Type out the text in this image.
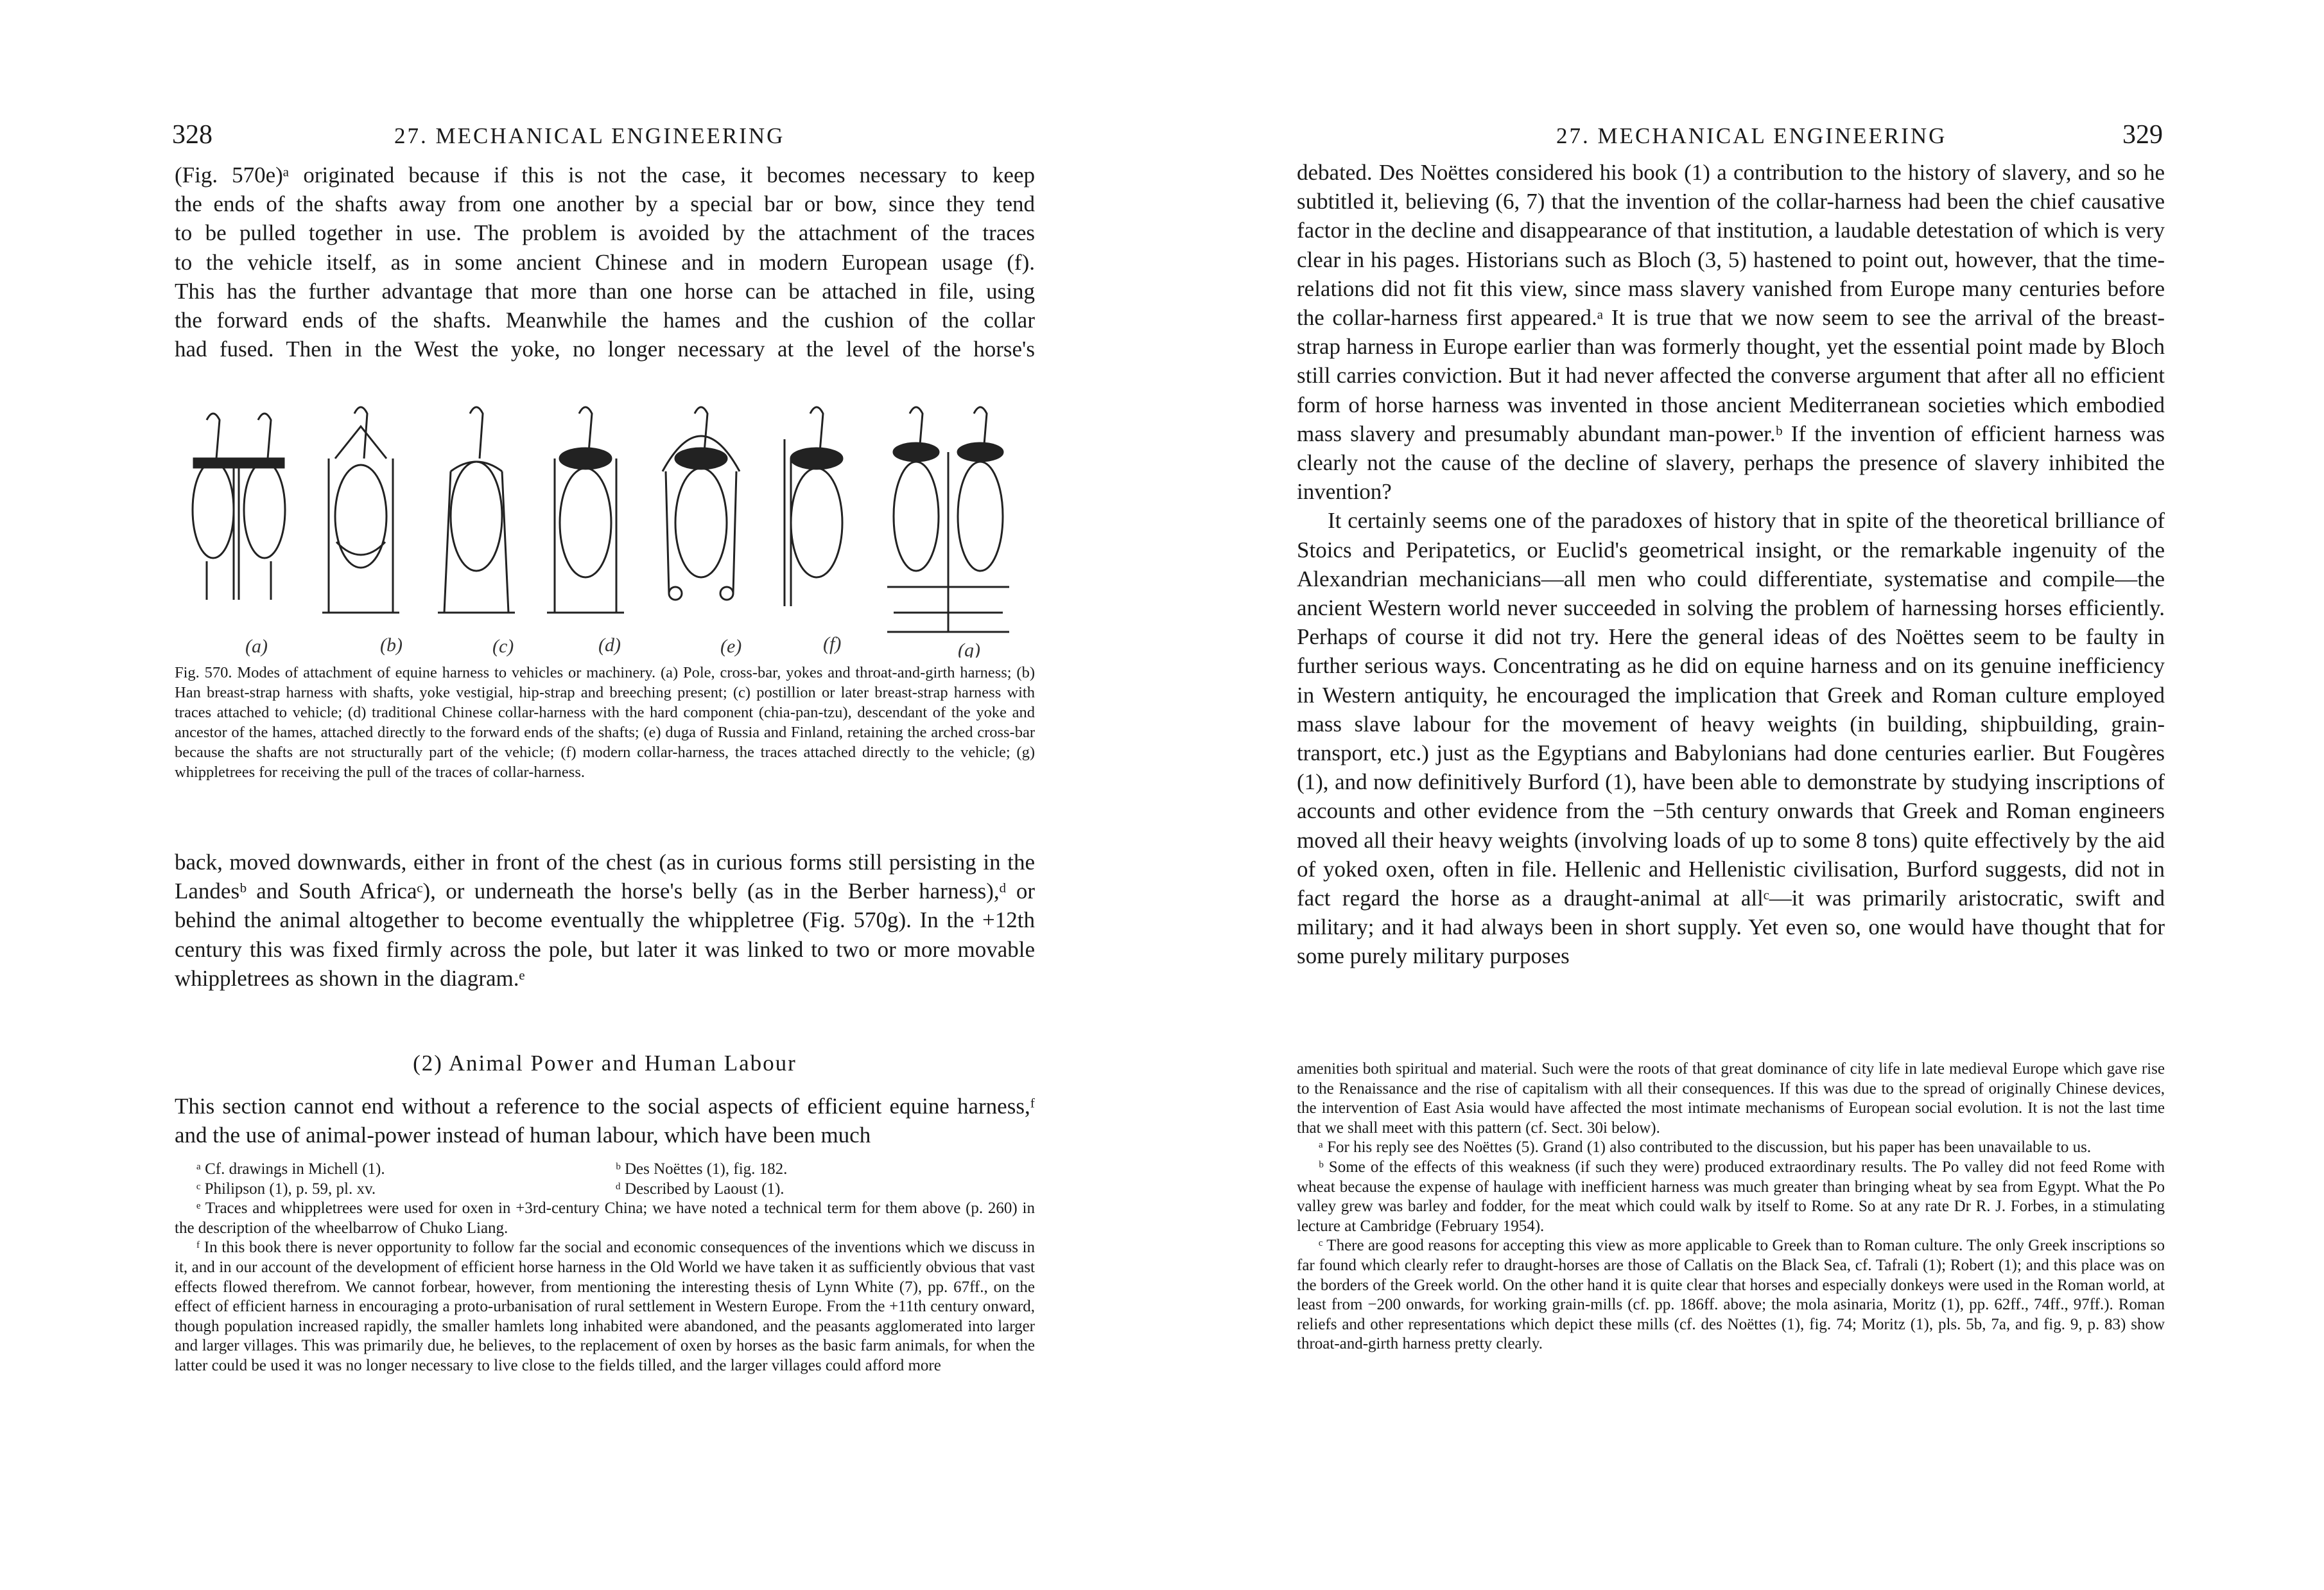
328	27. MECHANICAL ENGINEERING
(Fig. 570e)ᵃ originated because if this is not the case, it becomes necessary to keep
the ends of the shafts away from one another by a special bar or bow, since they tend
to be pulled together in use. The problem is avoided by the attachment of the traces
to the vehicle itself, as in some ancient Chinese and in modern European usage (f).
This has the further advantage that more than one horse can be attached in file, using
the forward ends of the shafts. Meanwhile the hames and the cushion of the collar
had fused. Then in the West the yoke, no longer necessary at the level of the horse's
(a)	(b)	(c)	(d)	(e)	(f)	(g)
Fig. 570. Modes of attachment of equine harness to vehicles or machinery. (a) Pole, cross-bar, yokes and throat-and-girth harness; (b) Han breast-strap harness with shafts, yoke vestigial, hip-strap and breeching present; (c) postillion or later breast-strap harness with traces attached to vehicle; (d) traditional Chinese collar-harness with the hard component (chia-pan-tzu), descendant of the yoke and ancestor of the hames, attached directly to the forward ends of the shafts; (e) duga of Russia and Finland, retaining the arched cross-bar because the shafts are not structurally part of the vehicle; (f) modern collar-harness, the traces attached directly to the vehicle; (g) whippletrees for receiving the pull of the traces of collar-harness.

back, moved downwards, either in front of the chest (as in curious forms still persisting in the Landesᵇ and South Africaᶜ), or underneath the horse's belly (as in the Berber harness),ᵈ or behind the animal altogether to become eventually the whippletree (Fig. 570g). In the +12th century this was fixed firmly across the pole, but later it was linked to two or more movable whippletrees as shown in the diagram.ᵉ

(2) Animal Power and Human Labour

This section cannot end without a reference to the social aspects of efficient equine harness,ᶠ and the use of animal-power instead of human labour, which have been much

ᵃ Cf. drawings in Michell (1).	ᵇ Des Noëttes (1), fig. 182.
ᶜ Philipson (1), p. 59, pl. xv.	ᵈ Described by Laoust (1).

ᵉ Traces and whippletrees were used for oxen in +3rd-century China; we have noted a technical term for them above (p. 260) in the description of the wheelbarrow of Chuko Liang.

ᶠ In this book there is never opportunity to follow far the social and economic consequences of the inventions which we discuss in it, and in our account of the development of efficient horse harness in the Old World we have taken it as sufficiently obvious that vast effects flowed therefrom. We cannot forbear, however, from mentioning the interesting thesis of Lynn White (7), pp. 67ff., on the effect of efficient harness in encouraging a proto-urbanisation of rural settlement in Western Europe. From the +11th century onward, though population increased rapidly, the smaller hamlets long inhabited were abandoned, and the peasants agglomerated into larger and larger villages. This was primarily due, he believes, to the replacement of oxen by horses as the basic farm animals, for when the latter could be used it was no longer necessary to live close to the fields tilled, and the larger villages could afford more

27. MECHANICAL ENGINEERING	329

debated. Des Noëttes considered his book (1) a contribution to the history of slavery, and so he subtitled it, believing (6, 7) that the invention of the collar-harness had been the chief causative factor in the decline and disappearance of that institution, a laudable detestation of which is very clear in his pages. Historians such as Bloch (3, 5) hastened to point out, however, that the time-relations did not fit this view, since mass slavery vanished from Europe many centuries before the collar-harness first appeared.ᵃ It is true that we now seem to see the arrival of the breast-strap harness in Europe earlier than was formerly thought, yet the essential point made by Bloch still carries conviction. But it had never affected the converse argument that after all no efficient form of horse harness was invented in those ancient Mediterranean societies which embodied mass slavery and presumably abundant man-power.ᵇ If the invention of efficient harness was clearly not the cause of the decline of slavery, perhaps the presence of slavery inhibited the invention?

It certainly seems one of the paradoxes of history that in spite of the theoretical brilliance of Stoics and Peripatetics, or Euclid's geometrical insight, or the remarkable ingenuity of the Alexandrian mechanicians—all men who could differentiate, systematise and compile—the ancient Western world never succeeded in solving the problem of harnessing horses efficiently. Perhaps of course it did not try. Here the general ideas of des Noëttes seem to be faulty in further serious ways. Concentrating as he did on equine harness and on its genuine inefficiency in Western antiquity, he encouraged the implication that Greek and Roman culture employed mass slave labour for the movement of heavy weights (in building, shipbuilding, grain-transport, etc.) just as the Egyptians and Babylonians had done centuries earlier. But Fougères (1), and now definitively Burford (1), have been able to demonstrate by studying inscriptions of accounts and other evidence from the −5th century onwards that Greek and Roman engineers moved all their heavy weights (involving loads of up to some 8 tons) quite effectively by the aid of yoked oxen, often in file. Hellenic and Hellenistic civilisation, Burford suggests, did not in fact regard the horse as a draught-animal at allᶜ—it was primarily aristocratic, swift and military; and it had always been in short supply. Yet even so, one would have thought that for some purely military purposes

amenities both spiritual and material. Such were the roots of that great dominance of city life in late medieval Europe which gave rise to the Renaissance and the rise of capitalism with all their consequences. If this was due to the spread of originally Chinese devices, the intervention of East Asia would have affected the most intimate mechanisms of European social evolution. It is not the last time that we shall meet with this pattern (cf. Sect. 30i below).

ᵃ For his reply see des Noëttes (5). Grand (1) also contributed to the discussion, but his paper has been unavailable to us.

ᵇ Some of the effects of this weakness (if such they were) produced extraordinary results. The Po valley did not feed Rome with wheat because the expense of haulage with inefficient harness was much greater than bringing wheat by sea from Egypt. What the Po valley grew was barley and fodder, for the meat which could walk by itself to Rome. So at any rate Dr R. J. Forbes, in a stimulating lecture at Cambridge (February 1954).

ᶜ There are good reasons for accepting this view as more applicable to Greek than to Roman culture. The only Greek inscriptions so far found which clearly refer to draught-horses are those of Callatis on the Black Sea, cf. Tafrali (1); Robert (1); and this place was on the borders of the Greek world. On the other hand it is quite clear that horses and especially donkeys were used in the Roman world, at least from −200 onwards, for working grain-mills (cf. pp. 186ff. above; the mola asinaria, Moritz (1), pp. 62ff., 74ff., 97ff.). Roman reliefs and other representations which depict these mills (cf. des Noëttes (1), fig. 74; Moritz (1), pls. 5b, 7a, and fig. 9, p. 83) show throat-and-girth harness pretty clearly.
